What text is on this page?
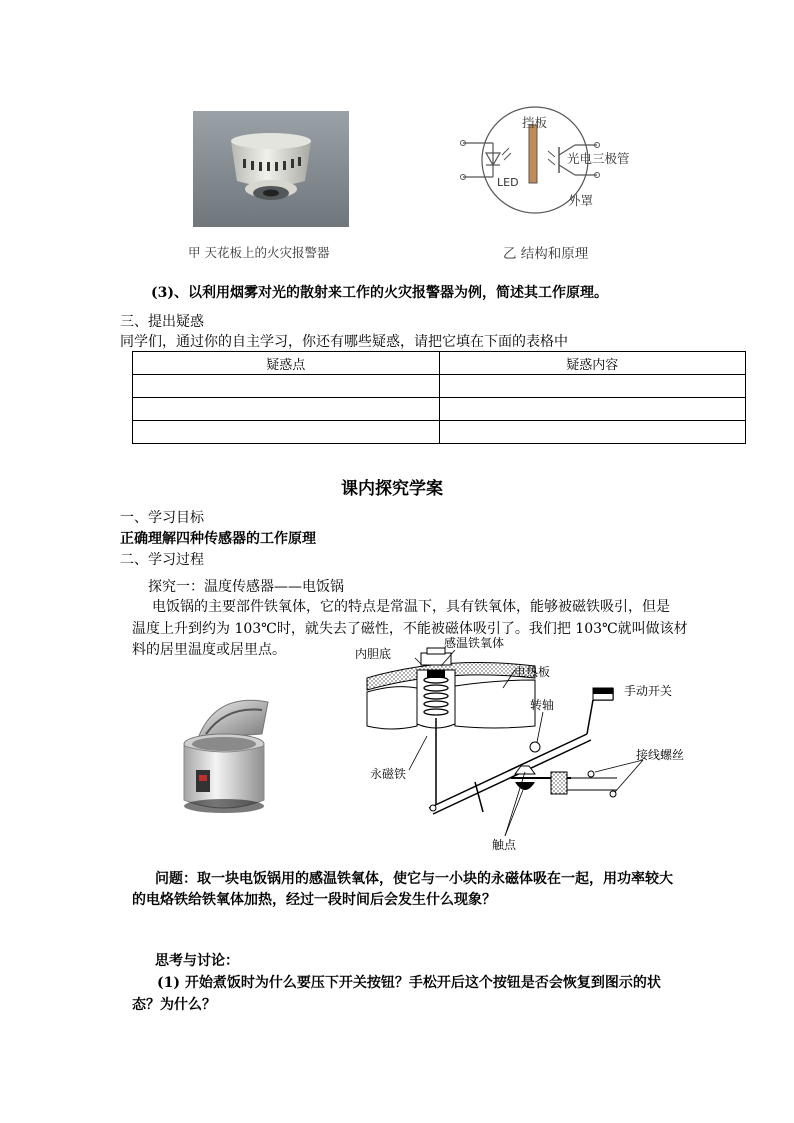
甲 天花板上的火灾报警器
挡板
LED
光电三极管
外罩
乙 结构和原理
(3)、以利用烟雾对光的散射来工作的火灾报警器为例，简述其工作原理。
三、提出疑惑
同学们，通过你的自主学习，你还有哪些疑惑，请把它填在下面的表格中
疑惑点	疑惑内容

课内探究学案
一、学习目标
正确理解四种传感器的工作原理
二、学习过程
探究一：温度传感器——电饭锅
电饭锅的主要部件铁氧体，它的特点是常温下，具有铁氧体，能够被磁铁吸引，但是
温度上升到约为 103℃时，就失去了磁性，不能被磁体吸引了。我们把 103℃就叫做该材
料的居里温度或居里点。	内胆底
感温铁氧体
电热板
转轴
手动开关
永磁铁
接线螺丝
触点
问题：取一块电饭锅用的感温铁氧体，使它与一小块的永磁体吸在一起，用功率较大
的电烙铁给铁氧体加热，经过一段时间后会发生什么现象？
思考与讨论：
(1) 开始煮饭时为什么要压下开关按钮？手松开后这个按钮是否会恢复到图示的状
态？为什么？
